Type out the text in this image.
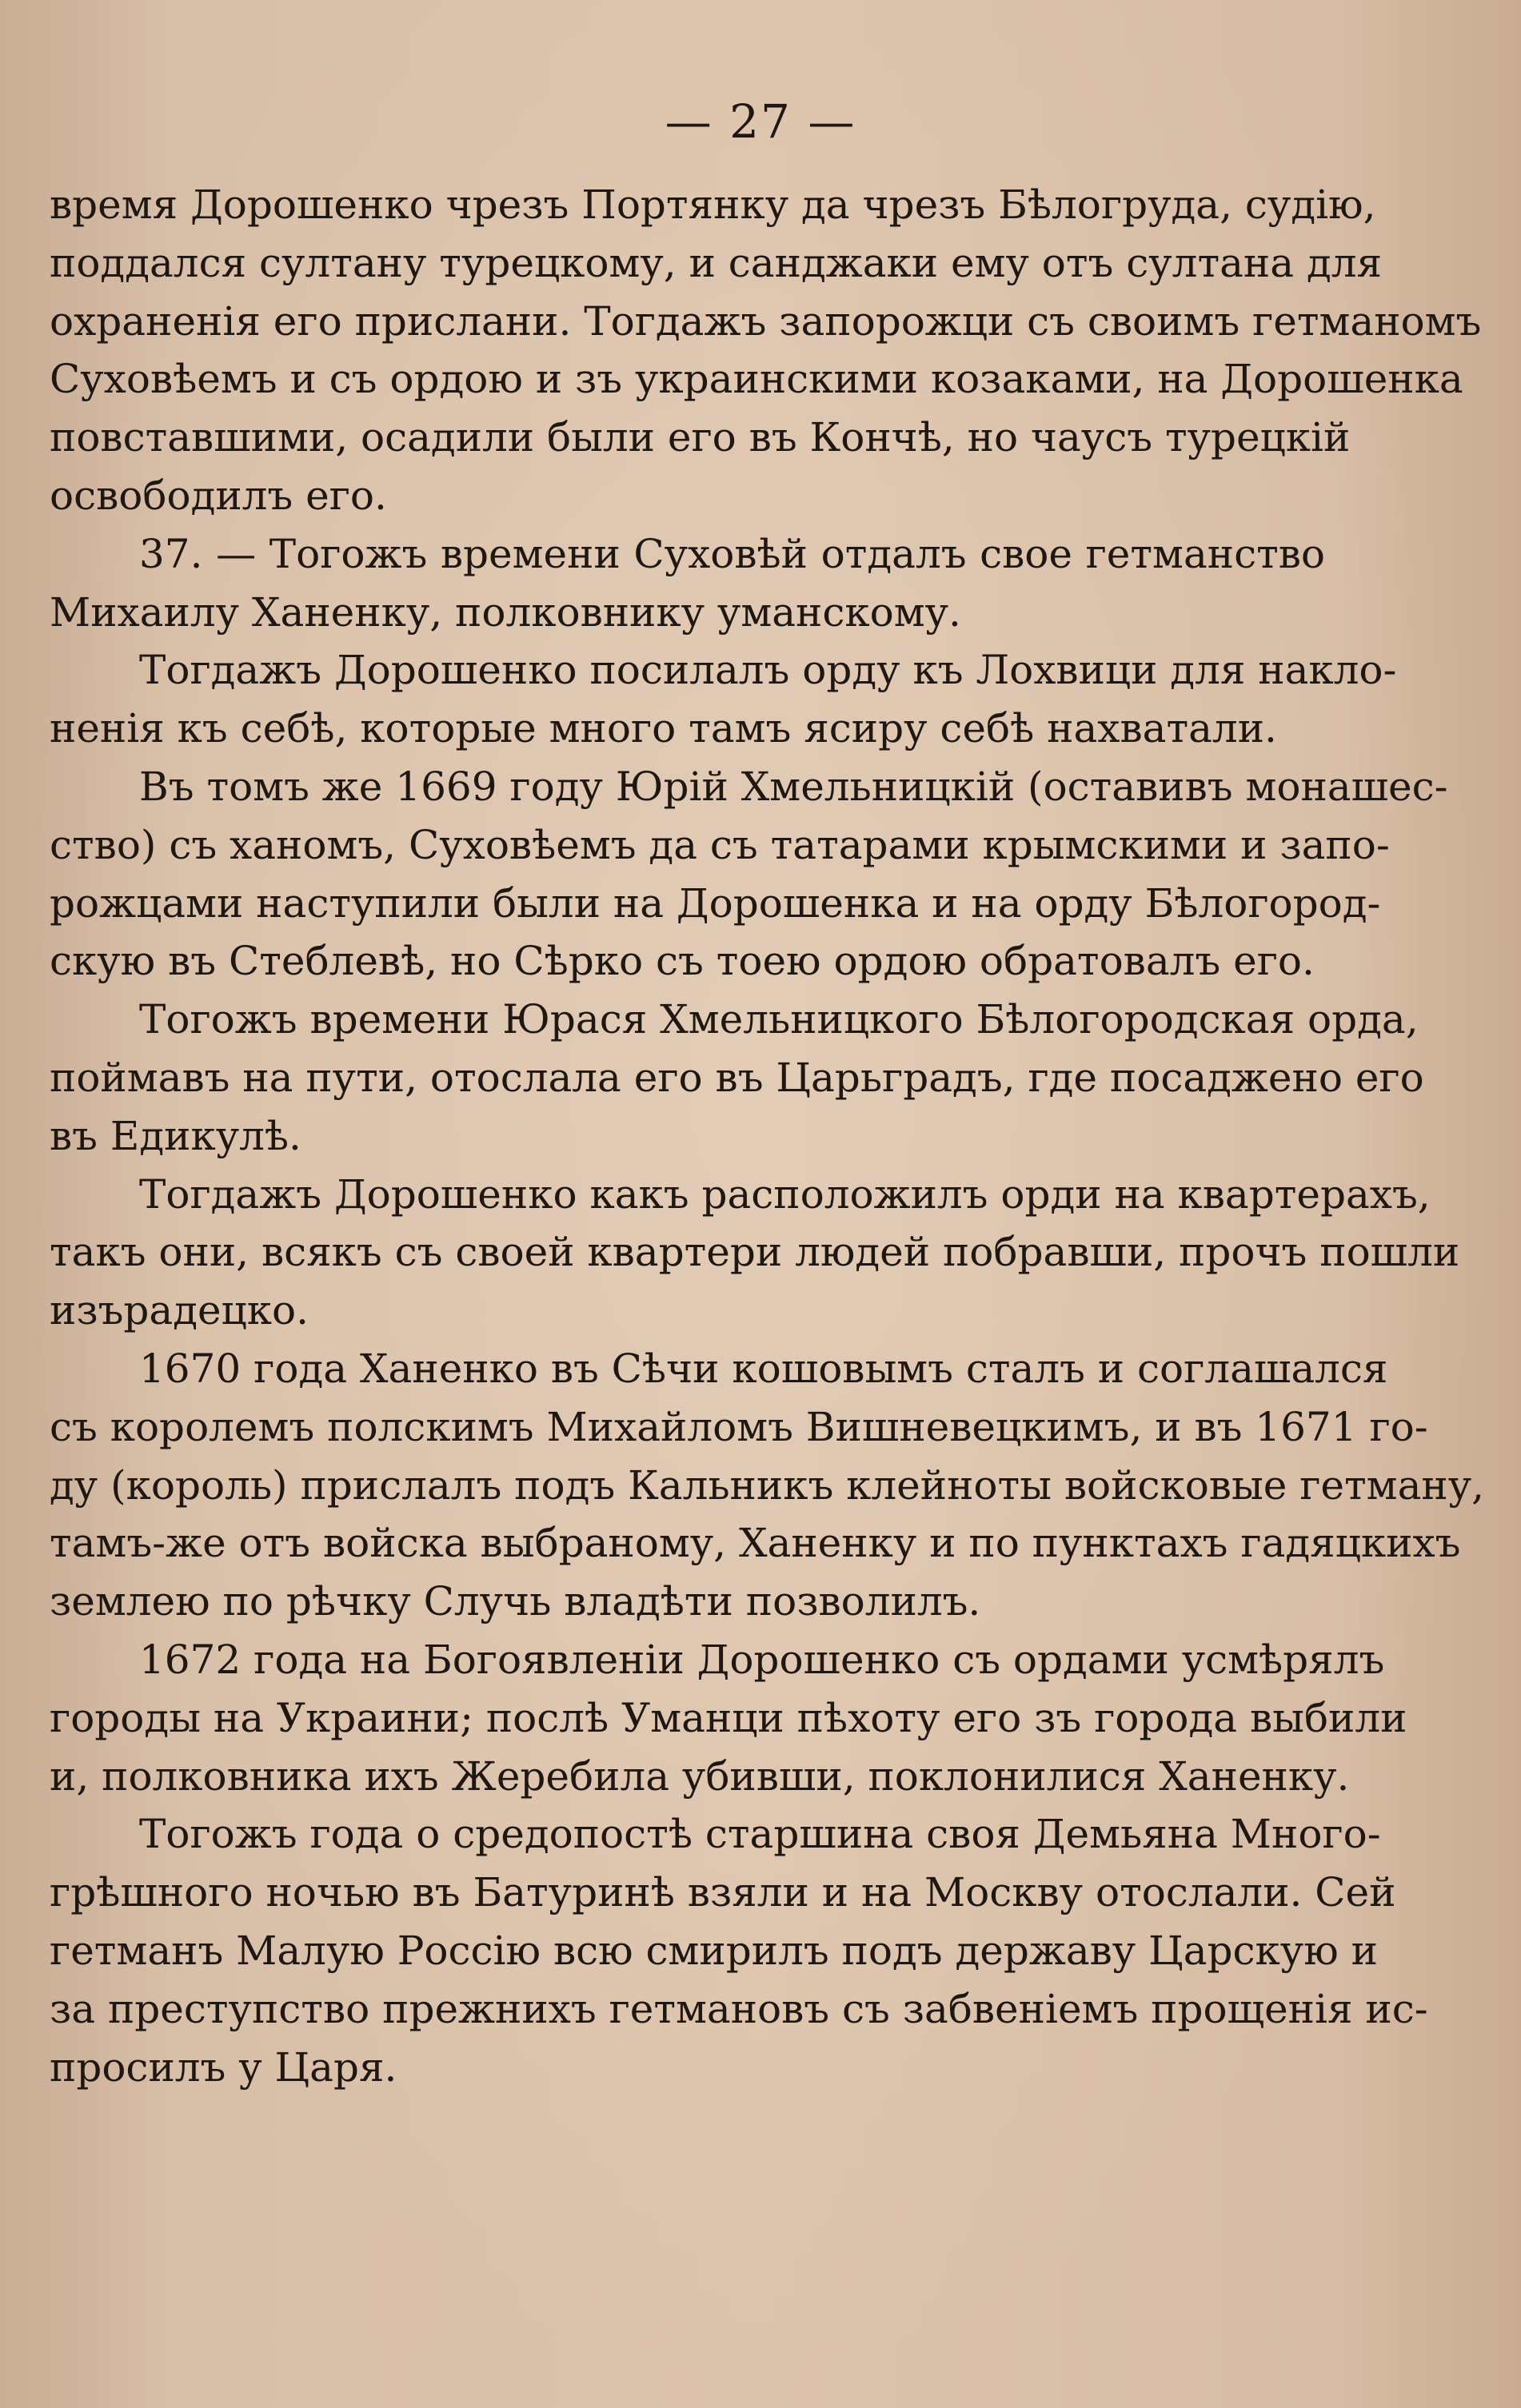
— 27 —
время Дорошенко чрезъ Портянку да чрезъ Бѣлогруда, судію,
поддался султану турецкому, и санджаки ему отъ султана для
охраненія его прислани. Тогдажъ запорожци съ своимъ гетманомъ
Суховѣемъ и съ ордою и зъ украинскими козаками, на Дорошенка
повставшими, осадили были его въ Кончѣ, но чаусъ турецкій
освободилъ его.
37. — Тогожъ времени Суховѣй отдалъ свое гетманство
Михаилу Ханенку, полковнику уманскому.
Тогдажъ Дорошенко посилалъ орду къ Лохвици для накло-
ненія къ себѣ, которые много тамъ ясиру себѣ нахватали.
Въ томъ же 1669 году Юрій Хмельницкій (оставивъ монашес-
ство) съ ханомъ, Суховѣемъ да съ татарами крымскими и запо-
рожцами наступили были на Дорошенка и на орду Бѣлогород-
скую въ Стеблевѣ, но Сѣрко съ тоею ордою обратовалъ его.
Тогожъ времени Юрася Хмельницкого Бѣлогородская орда,
поймавъ на пути, отослала его въ Царьградъ, где посаджено его
въ Едикулѣ.
Тогдажъ Дорошенко какъ расположилъ орди на квартерахъ,
такъ они, всякъ съ своей квартери людей побравши, прочъ пошли
изърадецко.
1670 года Ханенко въ Сѣчи кошовымъ сталъ и соглашался
съ королемъ полскимъ Михайломъ Вишневецкимъ, и въ 1671 го-
ду (король) прислалъ подъ Кальникъ клейноты войсковые гетману,
тамъ-же отъ войска выбраному, Ханенку и по пунктахъ гадяцкихъ
землею по рѣчку Случь владѣти позволилъ.
1672 года на Богоявленіи Дорошенко съ ордами усмѣрялъ
городы на Украини; послѣ Уманци пѣхоту его зъ города выбили
и, полковника ихъ Жеребила убивши, поклонилися Ханенку.
Тогожъ года о средопостѣ старшина своя Демьяна Много-
грѣшного ночью въ Батуринѣ взяли и на Москву отослали. Сей
гетманъ Малую Россію всю смирилъ подъ державу Царскую и
за преступство прежнихъ гетмановъ съ забвеніемъ прощенія ис-
просилъ у Царя.
